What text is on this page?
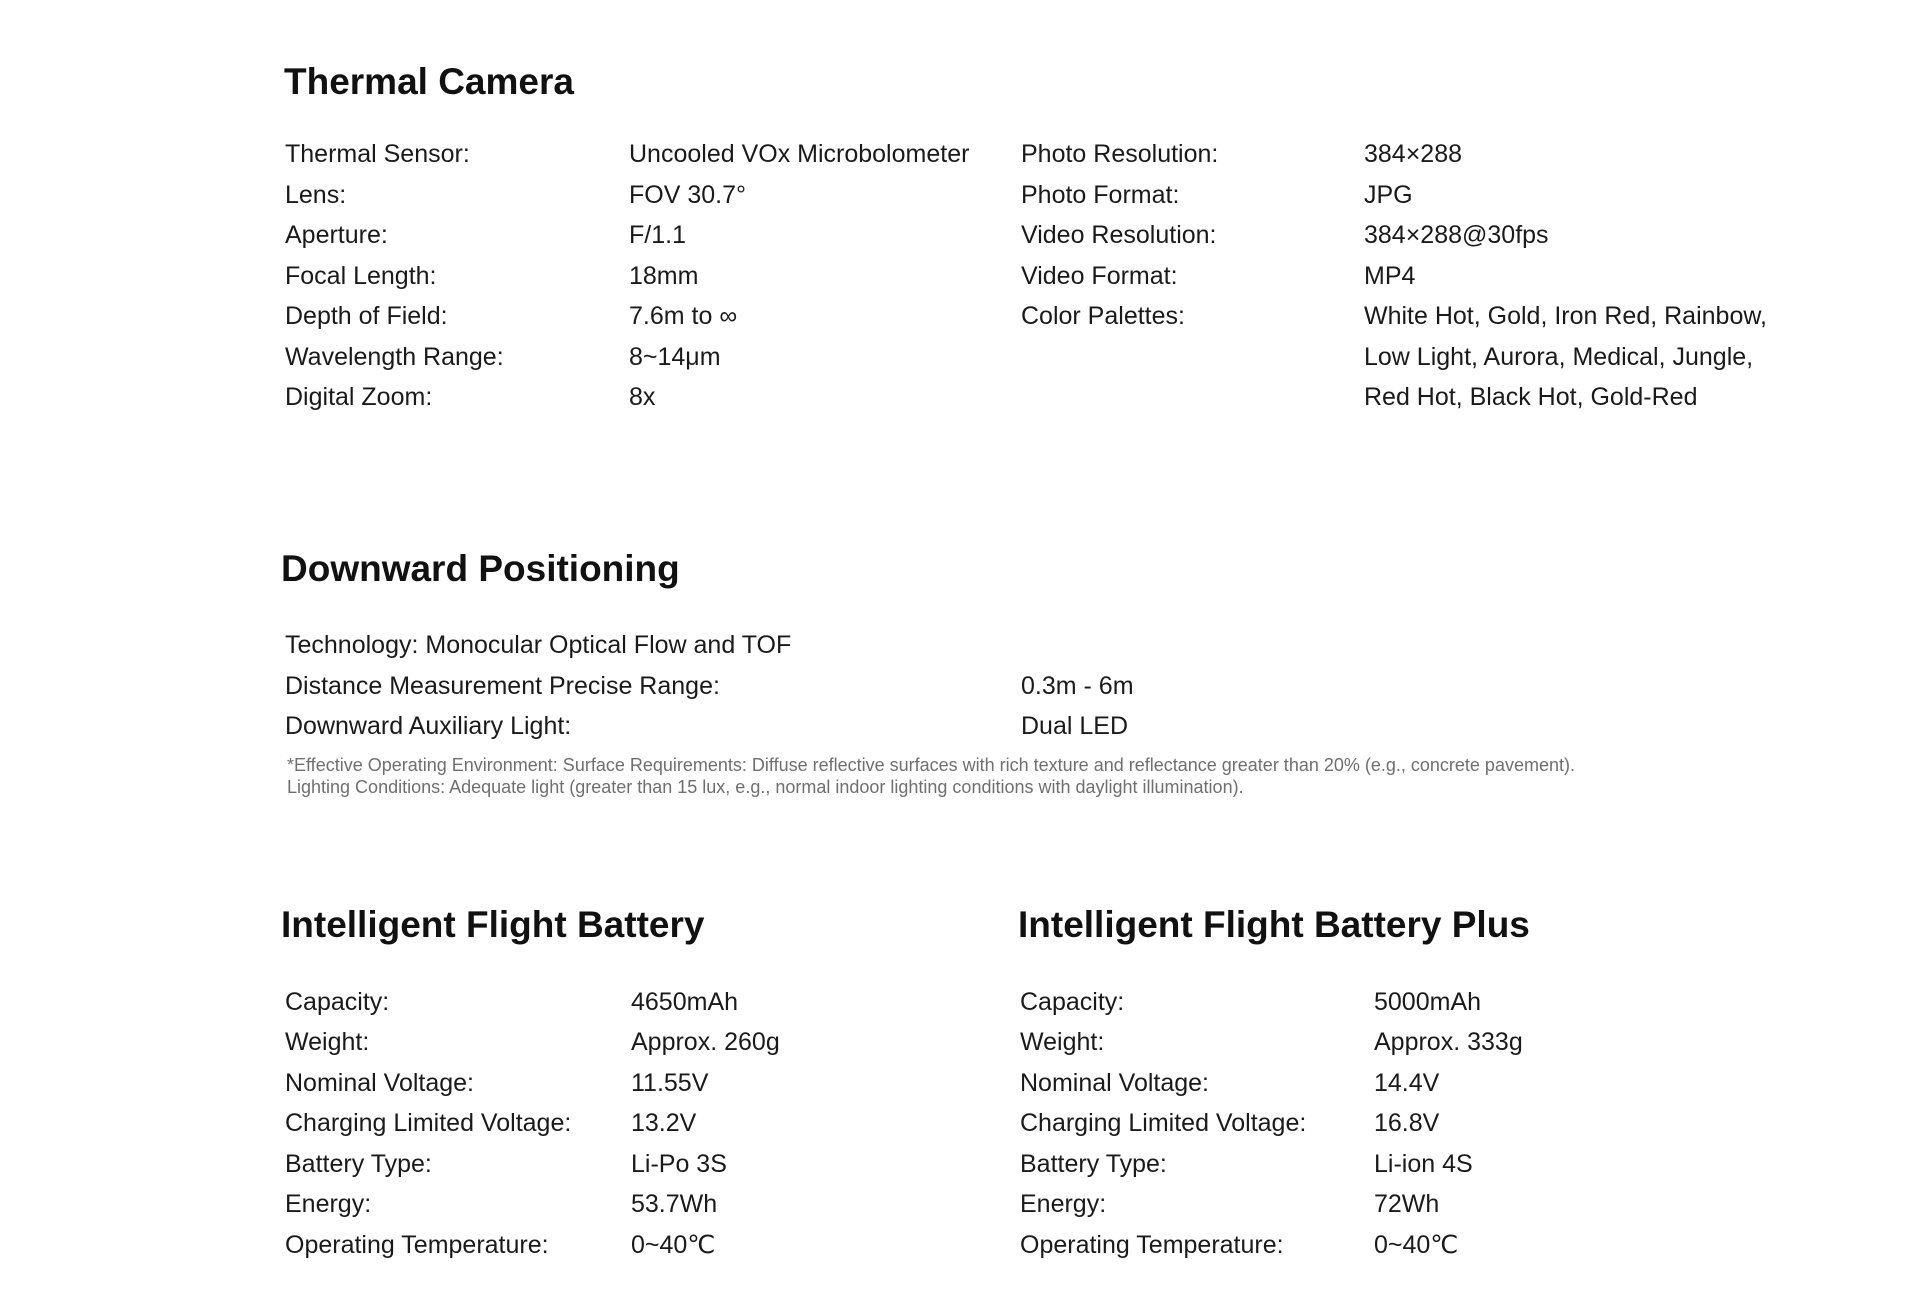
Thermal Camera
Thermal Sensor:	Uncooled VOx Microbolometer
Lens:	FOV 30.7°
Aperture:	F/1.1
Focal Length:	18mm
Depth of Field:	7.6m to ∞
Wavelength Range:	8~14μm
Digital Zoom:	8x
Photo Resolution:	384×288
Photo Format:	JPG
Video Resolution:	384×288@30fps
Video Format:	MP4
Color Palettes:	White Hot, Gold, Iron Red, Rainbow,
Low Light, Aurora, Medical, Jungle,
Red Hot, Black Hot, Gold-Red
Downward Positioning
Technology: Monocular Optical Flow and TOF
Distance Measurement Precise Range:	0.3m - 6m
Downward Auxiliary Light:	Dual LED
*Effective Operating Environment: Surface Requirements: Diffuse reflective surfaces with rich texture and reflectance greater than 20% (e.g., concrete pavement).
Lighting Conditions: Adequate light (greater than 15 lux, e.g., normal indoor lighting conditions with daylight illumination).
Intelligent Flight Battery
Capacity:	4650mAh
Weight:	Approx. 260g
Nominal Voltage:	11.55V
Charging Limited Voltage: 13.2V
Battery Type:	Li-Po 3S
Energy:	53.7Wh
Operating Temperature:	0~40℃
Intelligent Flight Battery Plus
Capacity:	5000mAh
Weight:	Approx. 333g
Nominal Voltage:	14.4V
Charging Limited Voltage:	16.8V
Battery Type:	Li-ion 4S
Energy:	72Wh
Operating Temperature:	0~40℃
